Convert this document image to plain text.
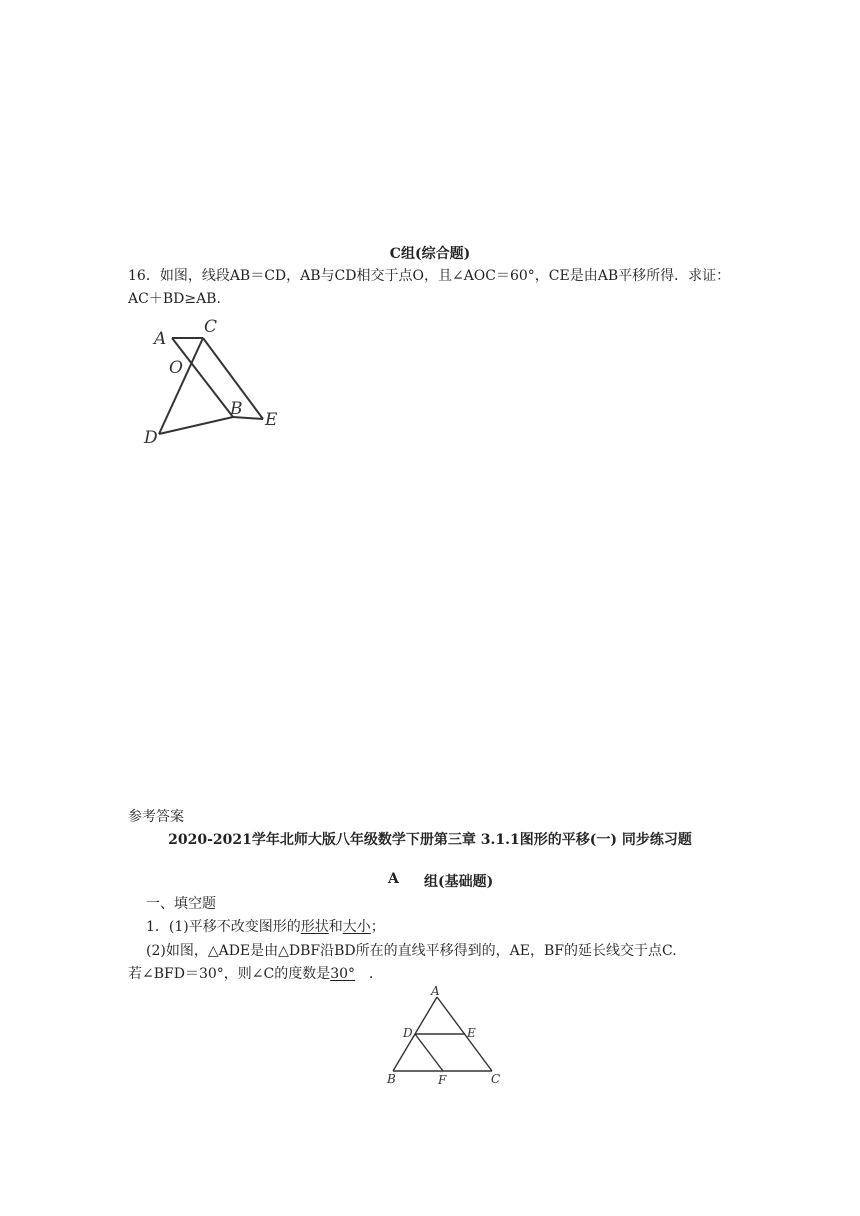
C组(综合题)
16．如图，线段AB＝CD，AB与CD相交于点O，且∠AOC＝60°，CE是由AB平移所得．求证：
AC＋BD≥AB.
A
C
O
B
E
D
参考答案
2020-2021学年北师大版八年级数学下册第三章 3.1.1图形的平移(一) 同步练习题
A 组(基础题)
一、填空题
1．(1)平移不改变图形的形状和大小；
(2)如图，△ADE是由△DBF沿BD所在的直线平移得到的，AE，BF的延长线交于点C.
若∠BFD＝30°，则∠C的度数是30° ．
A
D	E
B	F	C
